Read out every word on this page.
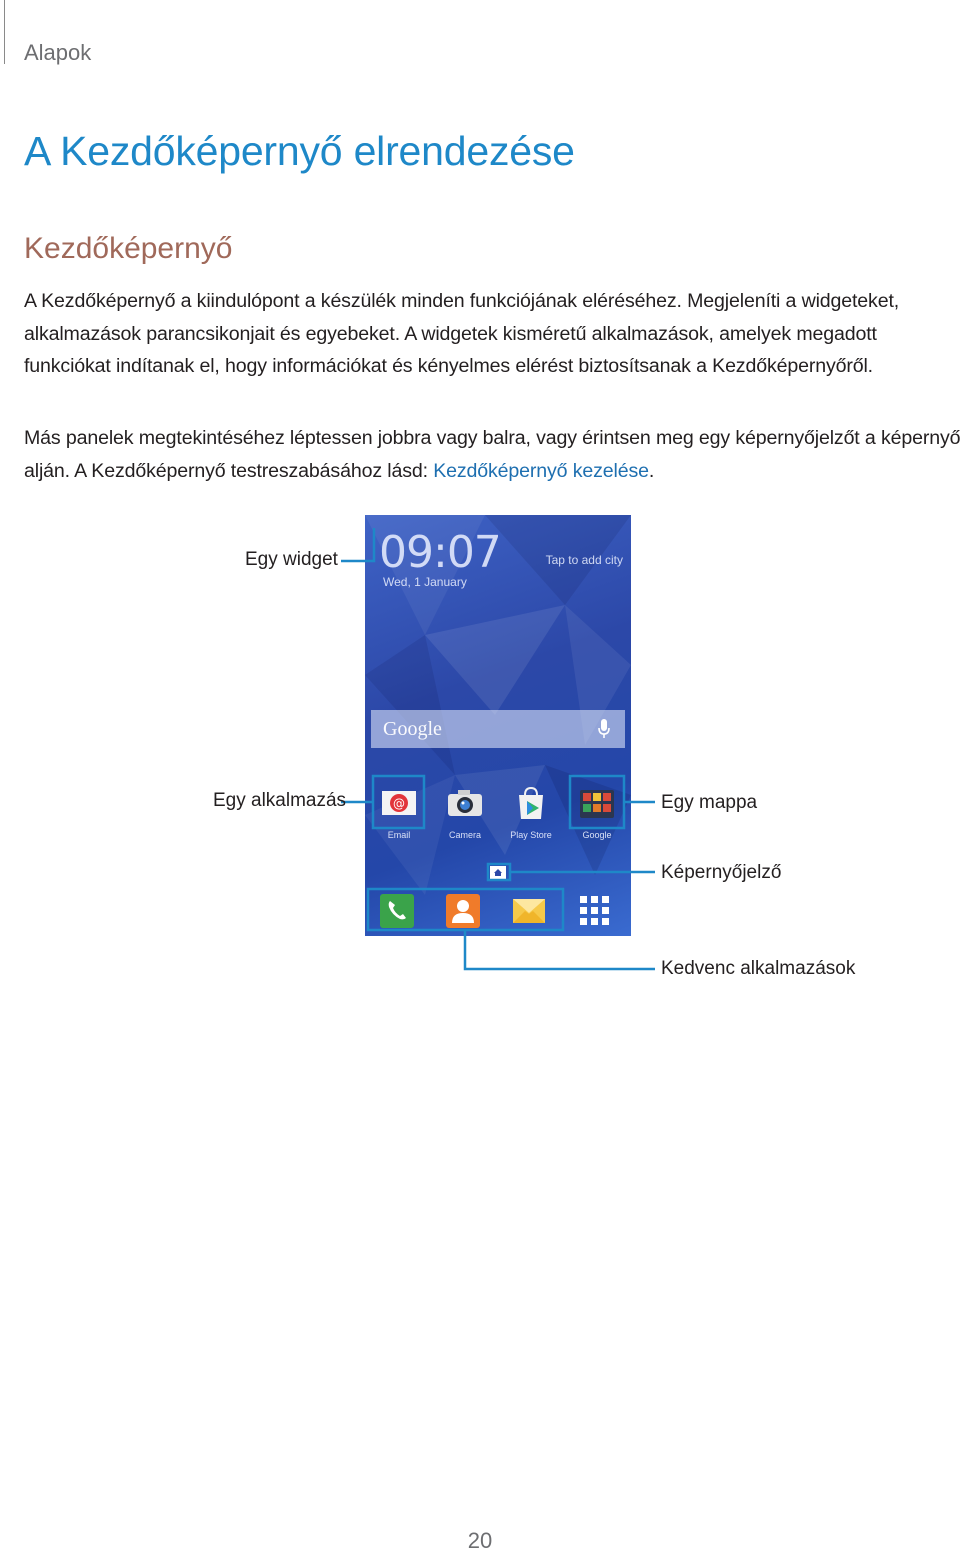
Alapok
A Kezdőképernyő elrendezése
Kezdőképernyő

A Kezdőképernyő a kiindulópont a készülék minden funkciójának eléréséhez. Megjeleníti a widgeteket, alkalmazások parancsikonjait és egyebeket. A widgetek kisméretű alkalmazások, amelyek megadott funkciókat indítanak el, hogy információkat és kényelmes elérést biztosítsanak a Kezdőképernyőről.

Más panelek megtekintéséhez léptessen jobbra vagy balra, vagy érintsen meg egy képernyőjelzőt a képernyő alján. A Kezdőképernyő testreszabásához lásd: Kezdőképernyő kezelése.

09:07
Wed, 1 January
Tap to add city
Google
@
Email	Camera	Play Store	Google
Egy widget
Egy alkalmazás	Egy mappa
Képernyőjelző
Kedvenc alkalmazások
20
